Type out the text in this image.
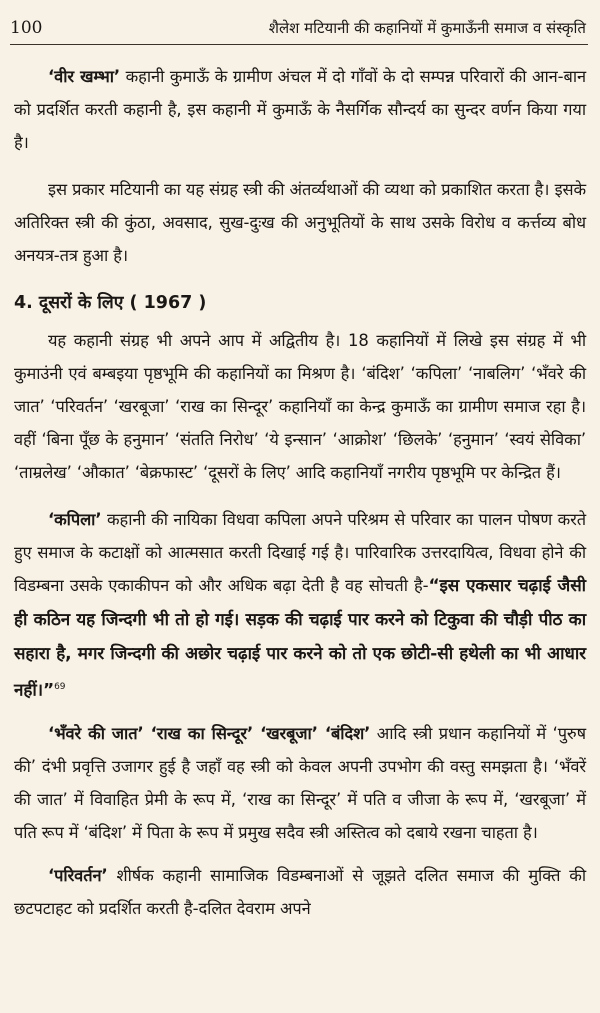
100	शैलेश मटियानी की कहानियों में कुमाऊँनी समाज व संस्कृति

‘वीर खम्भा’ कहानी कुमाऊँ के ग्रामीण अंचल में दो गाँवों के दो सम्पन्न परिवारों की आन-बान को प्रदर्शित करती कहानी है, इस कहानी में कुमाऊँ के नैसर्गिक सौन्दर्य का सुन्दर वर्णन किया गया है।

इस प्रकार मटियानी का यह संग्रह स्त्री की अंतर्व्यथाओं की व्यथा को प्रकाशित करता है। इसके अतिरिक्त स्त्री की कुंठा, अवसाद, सुख-दुःख की अनुभूतियों के साथ उसके विरोध व कर्त्तव्य बोध अनयत्र-तत्र हुआ है।

4. दूसरों के लिए ( 1967 )

यह कहानी संग्रह भी अपने आप में अद्वितीय है। 18 कहानियों में लिखे इस संग्रह में भी कुमाउंनी एवं बम्बइया पृष्ठभूमि की कहानियों का मिश्रण है। ‘बंदिश’ ‘कपिला’ ‘नाबलिग’ ‘भँवरे की जात’ ‘परिवर्तन’ ‘खरबूजा’ ‘राख का सिन्दूर’ कहानियाँ का केन्द्र कुमाऊँ का ग्रामीण समाज रहा है। वहीं ‘बिना पूँछ के हनुमान’ ‘संतति निरोध’ ‘ये इन्सान’ ‘आक्रोश’ ‘छिलके’ ‘हनुमान’ ‘स्वयं सेविका’ ‘ताम्रलेख’ ‘औकात’ ‘बेक्रफास्ट’ ‘दूसरों के लिए’ आदि कहानियाँ नगरीय पृष्ठभूमि पर केन्द्रित हैं।

‘कपिला’ कहानी की नायिका विधवा कपिला अपने परिश्रम से परिवार का पालन पोषण करते हुए समाज के कटाक्षों को आत्मसात करती दिखाई गई है। पारिवारिक उत्तरदायित्व, विधवा होने की विडम्बना उसके एकाकीपन को और अधिक बढ़ा देती है वह सोचती है-“इस एकसार चढ़ाई जैसी ही कठिन यह जिन्दगी भी तो हो गई। सड़क की चढ़ाई पार करने को टिकुवा की चौड़ी पीठ का सहारा है, मगर जिन्दगी की अछोर चढ़ाई पार करने को तो एक छोटी-सी हथेली का भी आधार नहीं।”$^{69}$

‘भँवरे की जात’ ‘राख का सिन्दूर’ ‘खरबूजा’ ‘बंदिश’ आदि स्त्री प्रधान कहानियों में ‘पुरुष की’ दंभी प्रवृत्ति उजागर हुई है जहाँ वह स्त्री को केवल अपनी उपभोग की वस्तु समझता है। ‘भँवरें की जात’ में विवाहित प्रेमी के रूप में, ‘राख का सिन्दूर’ में पति व जीजा के रूप में, ‘खरबूजा’ में पति रूप में ‘बंदिश’ में पिता के रूप में प्रमुख सदैव स्त्री अस्तित्व को दबाये रखना चाहता है।

‘परिवर्तन’ शीर्षक कहानी सामाजिक विडम्बनाओं से जूझते दलित समाज की मुक्ति की छटपटाहट को प्रदर्शित करती है-दलित देवराम अपने
